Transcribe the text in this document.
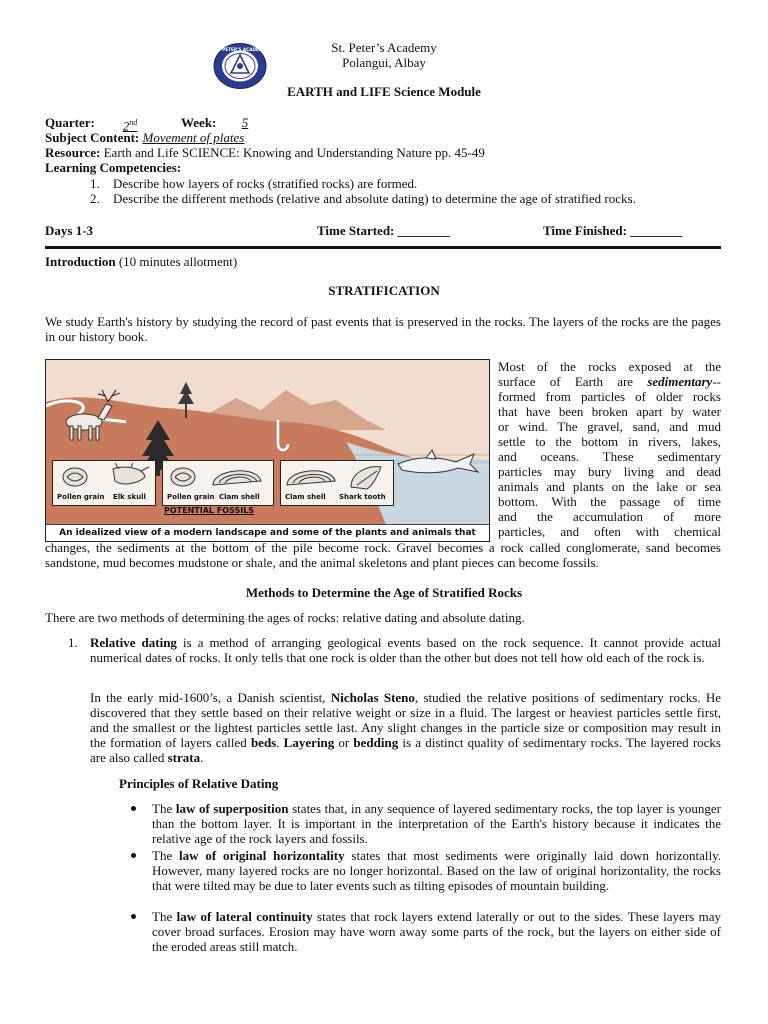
ST. PETER'S ACADEMY	St. Peter’s Academy
Polangui, Albay
EARTH and LIFE Science Module
Quarter:	2nd	Week:	5
Subject Content: Movement of plates
Resource: Earth and Life SCIENCE: Knowing and Understanding Nature pp. 45-49
Learning Competencies:
1. Describe how layers of rocks (stratified rocks) are formed.
2. Describe the different methods (relative and absolute dating) to determine the age of stratified rocks.
Days 1-3	Time Started: ________	Time Finished: ________
Introduction (10 minutes allotment)
STRATIFICATION
We study Earth's history by studying the record of past events that is preserved in the rocks. The layers of the rocks are the pages in our history book.
Pollen grain Elk skull	Pollen grain Clam shell	Clam shell Shark tooth
POTENTIAL FOSSILS
An idealized view of a modern landscape and some of the plants and animals that
Most of the rocks exposed at the
surface of Earth are sedimentary--
formed from particles of older rocks
that have been broken apart by water
or wind. The gravel, sand, and mud
settle to the bottom in rivers, lakes,
and oceans. These sedimentary
particles may bury living and dead
animals and plants on the lake or sea
bottom. With the passage of time
and the accumulation of more
particles, and often with chemical
changes, the sediments at the bottom of the pile become rock. Gravel becomes a rock called conglomerate, sand becomes sandstone, mud becomes mudstone or shale, and the animal skeletons and plant pieces can become fossils.
Methods to Determine the Age of Stratified Rocks
There are two methods of determining the ages of rocks: relative dating and absolute dating.
1. Relative dating is a method of arranging geological events based on the rock sequence. It cannot provide actual numerical dates of rocks. It only tells that one rock is older than the other but does not tell how old each of the rock is.
In the early mid-1600’s, a Danish scientist, Nicholas Steno, studied the relative positions of sedimentary rocks. He discovered that they settle based on their relative weight or size in a fluid. The largest or heaviest particles settle first, and the smallest or the lightest particles settle last. Any slight changes in the particle size or composition may result in the formation of layers called beds. Layering or bedding is a distinct quality of sedimentary rocks. The layered rocks are also called strata.
Principles of Relative Dating
The law of superposition states that, in any sequence of layered sedimentary rocks, the top layer is younger than the bottom layer. It is important in the interpretation of the Earth's history because it indicates the relative age of the rock layers and fossils.
The law of original horizontality states that most sediments were originally laid down horizontally. However, many layered rocks are no longer horizontal. Based on the law of original horizontality, the rocks that were tilted may be due to later events such as tilting episodes of mountain building.
The law of lateral continuity states that rock layers extend laterally or out to the sides. These layers may cover broad surfaces. Erosion may have worn away some parts of the rock, but the layers on either side of the eroded areas still match.
